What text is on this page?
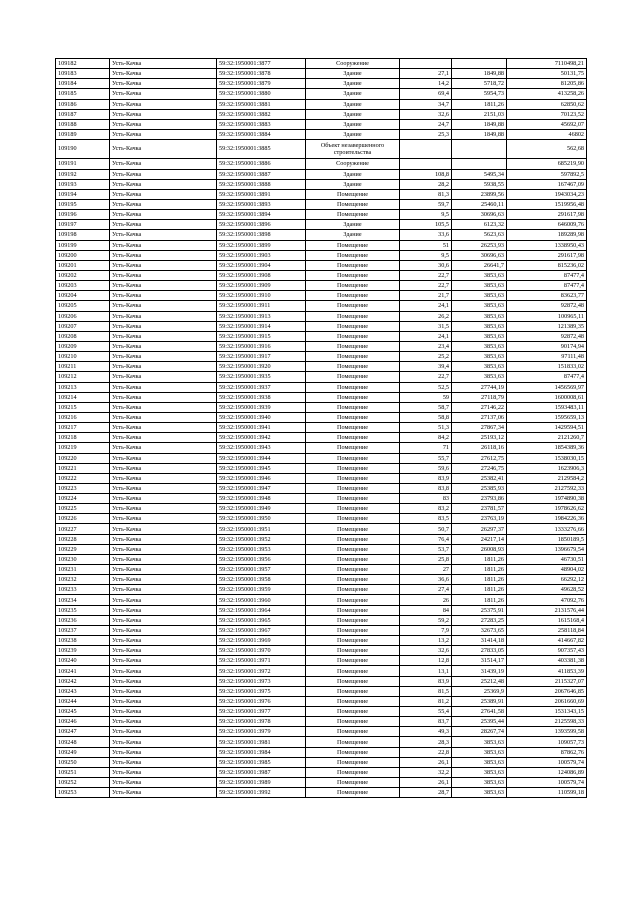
109182	Усть-Качка	59:32:1950001:3877	Сооружение			7110498,21
109183	Усть-Качка	59:32:1950001:3878	Здание	27,1	1849,88	50131,75
109184	Усть-Качка	59:32:1950001:3879	Здание	14,2	5718,72	81205,86
109185	Усть-Качка	59:32:1950001:3880	Здание	69,4	5954,73	413258,26
109186	Усть-Качка	59:32:1950001:3881	Здание	34,7	1811,26	62850,62
109187	Усть-Качка	59:32:1950001:3882	Здание	32,6	2151,03	70123,52
109188	Усть-Качка	59:32:1950001:3883	Здание	24,7	1849,88	45692,07
109189	Усть-Качка	59:32:1950001:3884	Здание	25,3	1849,88	46802
109190	Усть-Качка	59:32:1950001:3885	Объект незавершенного строительства			562,68
109191	Усть-Качка	59:32:1950001:3886	Сооружение			685219,90
109192	Усть-Качка	59:32:1950001:3887	Здание	108,8	5495,34	597892,5
109193	Усть-Качка	59:32:1950001:3888	Здание	28,2	5938,55	167467,09
109194	Усть-Качка	59:32:1950001:3891	Помещение	81,3	23899,56	1943034,23
109195	Усть-Качка	59:32:1950001:3893	Помещение	59,7	25460,11	1519956,48
109196	Усть-Качка	59:32:1950001:3894	Помещение	9,5	30696,63	291617,98
109197	Усть-Качка	59:32:1950001:3896	Здание	105,5	6123,32	646009,76
109198	Усть-Качка	59:32:1950001:3898	Здание	33,6	5623,63	189289,98
109199	Усть-Качка	59:32:1950001:3899	Помещение	51	26253,93	1338950,43
109200	Усть-Качка	59:32:1950001:3903	Помещение	9,5	30696,63	291617,98
109201	Усть-Качка	59:32:1950001:3904	Помещение	30,6	26641,7	815236,02
109202	Усть-Качка	59:32:1950001:3908	Помещение	22,7	3853,63	87477,4
109203	Усть-Качка	59:32:1950001:3909	Помещение	22,7	3853,63	87477,4
109204	Усть-Качка	59:32:1950001:3910	Помещение	21,7	3853,63	83623,77
109205	Усть-Качка	59:32:1950001:3911	Помещение	24,1	3853,63	92872,48
109206	Усть-Качка	59:32:1950001:3913	Помещение	26,2	3853,63	100965,11
109207	Усть-Качка	59:32:1950001:3914	Помещение	31,5	3853,63	121389,35
109208	Усть-Качка	59:32:1950001:3915	Помещение	24,1	3853,63	92872,48
109209	Усть-Качка	59:32:1950001:3916	Помещение	23,4	3853,63	90174,94
109210	Усть-Качка	59:32:1950001:3917	Помещение	25,2	3853,63	97111,48
109211	Усть-Качка	59:32:1950001:3920	Помещение	39,4	3853,63	151833,02
109212	Усть-Качка	59:32:1950001:3935	Помещение	22,7	3853,63	87477,4
109213	Усть-Качка	59:32:1950001:3937	Помещение	52,5	27744,19	1456569,97
109214	Усть-Качка	59:32:1950001:3938	Помещение	59	27118,79	1600008,61
109215	Усть-Качка	59:32:1950001:3939	Помещение	58,7	27146,22	1593483,11
109216	Усть-Качка	59:32:1950001:3940	Помещение	58,8	27137,06	1595659,13
109217	Усть-Качка	59:32:1950001:3941	Помещение	51,3	27867,34	1429594,51
109218	Усть-Качка	59:32:1950001:3942	Помещение	84,2	25193,12	2121260,7
109219	Усть-Качка	59:32:1950001:3943	Помещение	71	26118,16	1854389,36
109220	Усть-Качка	59:32:1950001:3944	Помещение	55,7	27612,75	1538030,15
109221	Усть-Качка	59:32:1950001:3945	Помещение	59,6	27246,75	1623906,3
109222	Усть-Качка	59:32:1950001:3946	Помещение	83,9	25382,41	2129584,2
109223	Усть-Качка	59:32:1950001:3947	Помещение	83,8	25385,93	2127592,33
109224	Усть-Качка	59:32:1950001:3948	Помещение	83	23793,86	1974890,38
109225	Усть-Качка	59:32:1950001:3949	Помещение	83,2	23781,57	1978626,62
109226	Усть-Качка	59:32:1950001:3950	Помещение	83,5	23763,19	1984226,36
109227	Усть-Качка	59:32:1950001:3951	Помещение	50,7	26297,37	1333276,66
109228	Усть-Качка	59:32:1950001:3952	Помещение	76,4	24217,14	1850189,5
109229	Усть-Качка	59:32:1950001:3953	Помещение	53,7	26008,93	1396679,54
109230	Усть-Качка	59:32:1950001:3956	Помещение	25,8	1811,26	46730,51
109231	Усть-Качка	59:32:1950001:3957	Помещение	27	1811,26	48904,02
109232	Усть-Качка	59:32:1950001:3958	Помещение	36,6	1811,26	66292,12
109233	Усть-Качка	59:32:1950001:3959	Помещение	27,4	1811,26	49628,52
109234	Усть-Качка	59:32:1950001:3960	Помещение	26	1811,26	47092,76
109235	Усть-Качка	59:32:1950001:3964	Помещение	84	25375,91	2131576,44
109236	Усть-Качка	59:32:1950001:3965	Помещение	59,2	27283,25	1615168,4
109237	Усть-Качка	59:32:1950001:3967	Помещение	7,9	32673,65	258118,84
109238	Усть-Качка	59:32:1950001:3969	Помещение	13,2	31414,18	414667,82
109239	Усть-Качка	59:32:1950001:3970	Помещение	32,6	27833,05	907357,43
109240	Усть-Качка	59:32:1950001:3971	Помещение	12,8	31514,17	403381,38
109241	Усть-Качка	59:32:1950001:3972	Помещение	13,1	31439,19	411853,39
109242	Усть-Качка	59:32:1950001:3973	Помещение	83,9	25212,48	2115327,07
109243	Усть-Качка	59:32:1950001:3975	Помещение	81,5	25369,9	2067646,85
109244	Усть-Качка	59:32:1950001:3976	Помещение	81,2	25389,91	2061660,69
109245	Усть-Качка	59:32:1950001:3977	Помещение	55,4	27641,58	1531343,15
109246	Усть-Качка	59:32:1950001:3978	Помещение	83,7	25395,44	2125598,33
109247	Усть-Качка	59:32:1950001:3979	Помещение	49,3	28267,74	1393599,58
109248	Усть-Качка	59:32:1950001:3981	Помещение	28,3	3853,63	109057,73
109249	Усть-Качка	59:32:1950001:3984	Помещение	22,8	3853,63	87862,76
109250	Усть-Качка	59:32:1950001:3985	Помещение	26,1	3853,63	100579,74
109251	Усть-Качка	59:32:1950001:3987	Помещение	32,2	3853,63	124086,89
109252	Усть-Качка	59:32:1950001:3989	Помещение	26,1	3853,63	100579,74
109253	Усть-Качка	59:32:1950001:3992	Помещение	28,7	3853,63	110599,18
